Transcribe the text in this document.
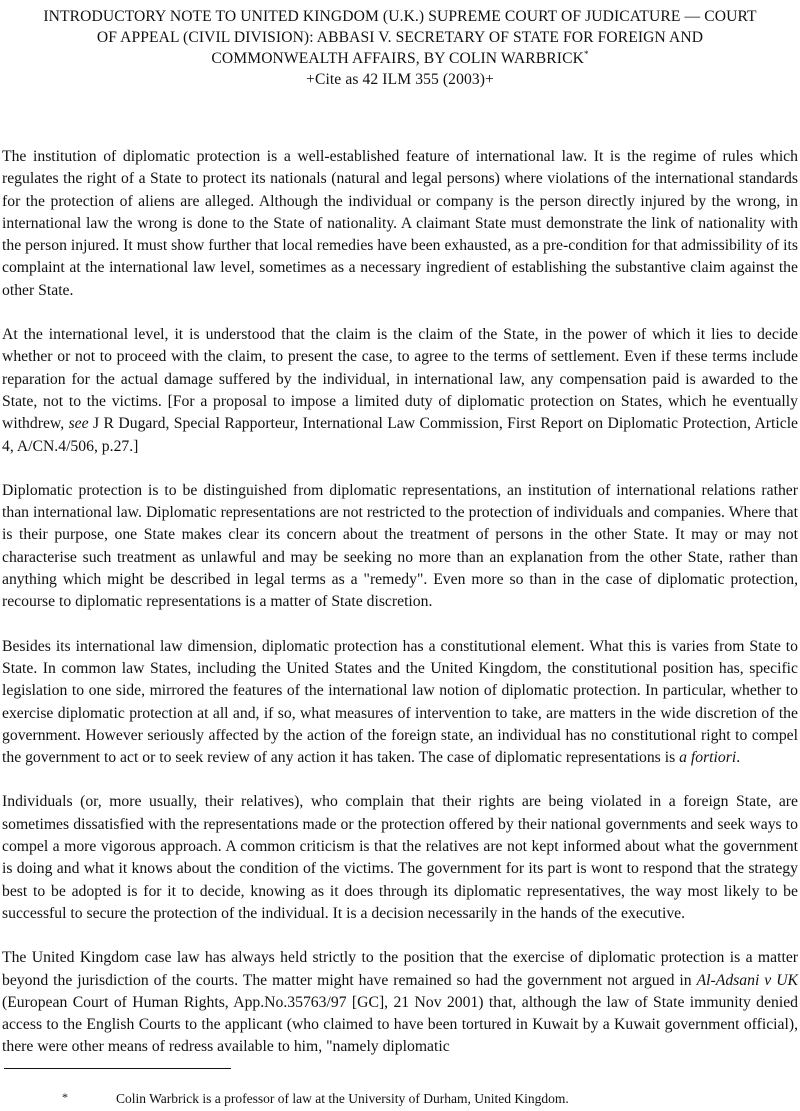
INTRODUCTORY NOTE TO UNITED KINGDOM (U.K.) SUPREME COURT OF JUDICATURE — COURT
OF APPEAL (CIVIL DIVISION): ABBASI V. SECRETARY OF STATE FOR FOREIGN AND
COMMONWEALTH AFFAIRS, BY COLIN WARBRICK*
+Cite as 42 ILM 355 (2003)+

The institution of diplomatic protection is a well-established feature of international law. It is the regime of rules which regulates the right of a State to protect its nationals (natural and legal persons) where violations of the international standards for the protection of aliens are alleged. Although the individual or company is the person directly injured by the wrong, in international law the wrong is done to the State of nationality. A claimant State must demonstrate the link of nationality with the person injured. It must show further that local remedies have been exhausted, as a pre-condition for that admissibility of its complaint at the international law level, sometimes as a necessary ingredient of establishing the substantive claim against the other State.

At the international level, it is understood that the claim is the claim of the State, in the power of which it lies to decide whether or not to proceed with the claim, to present the case, to agree to the terms of settlement. Even if these terms include reparation for the actual damage suffered by the individual, in international law, any compensation paid is awarded to the State, not to the victims. [For a proposal to impose a limited duty of diplomatic protection on States, which he eventually withdrew, see J R Dugard, Special Rapporteur, International Law Commission, First Report on Diplomatic Protection, Article 4, A/CN.4/506, p.27.]

Diplomatic protection is to be distinguished from diplomatic representations, an institution of international relations rather than international law. Diplomatic representations are not restricted to the protection of individuals and companies. Where that is their purpose, one State makes clear its concern about the treatment of persons in the other State. It may or may not characterise such treatment as unlawful and may be seeking no more than an explanation from the other State, rather than anything which might be described in legal terms as a "remedy". Even more so than in the case of diplomatic protection, recourse to diplomatic representations is a matter of State discretion.

Besides its international law dimension, diplomatic protection has a constitutional element. What this is varies from State to State. In common law States, including the United States and the United Kingdom, the constitutional position has, specific legislation to one side, mirrored the features of the international law notion of diplomatic protection. In particular, whether to exercise diplomatic protection at all and, if so, what measures of intervention to take, are matters in the wide discretion of the government. However seriously affected by the action of the foreign state, an individual has no constitutional right to compel the government to act or to seek review of any action it has taken. The case of diplomatic representations is a fortiori.

Individuals (or, more usually, their relatives), who complain that their rights are being violated in a foreign State, are sometimes dissatisfied with the representations made or the protection offered by their national governments and seek ways to compel a more vigorous approach. A common criticism is that the relatives are not kept informed about what the government is doing and what it knows about the condition of the victims. The government for its part is wont to respond that the strategy best to be adopted is for it to decide, knowing as it does through its diplomatic representatives, the way most likely to be successful to secure the protection of the individual. It is a decision necessarily in the hands of the executive.

The United Kingdom case law has always held strictly to the position that the exercise of diplomatic protection is a matter beyond the jurisdiction of the courts. The matter might have remained so had the government not argued in Al-Adsani v UK (European Court of Human Rights, App.No.35763/97 [GC], 21 Nov 2001) that, although the law of State immunity denied access to the English Courts to the applicant (who claimed to have been tortured in Kuwait by a Kuwait government official), there were other means of redress available to him, "namely diplomatic

*	Colin Warbrick is a professor of law at the University of Durham, United Kingdom.
